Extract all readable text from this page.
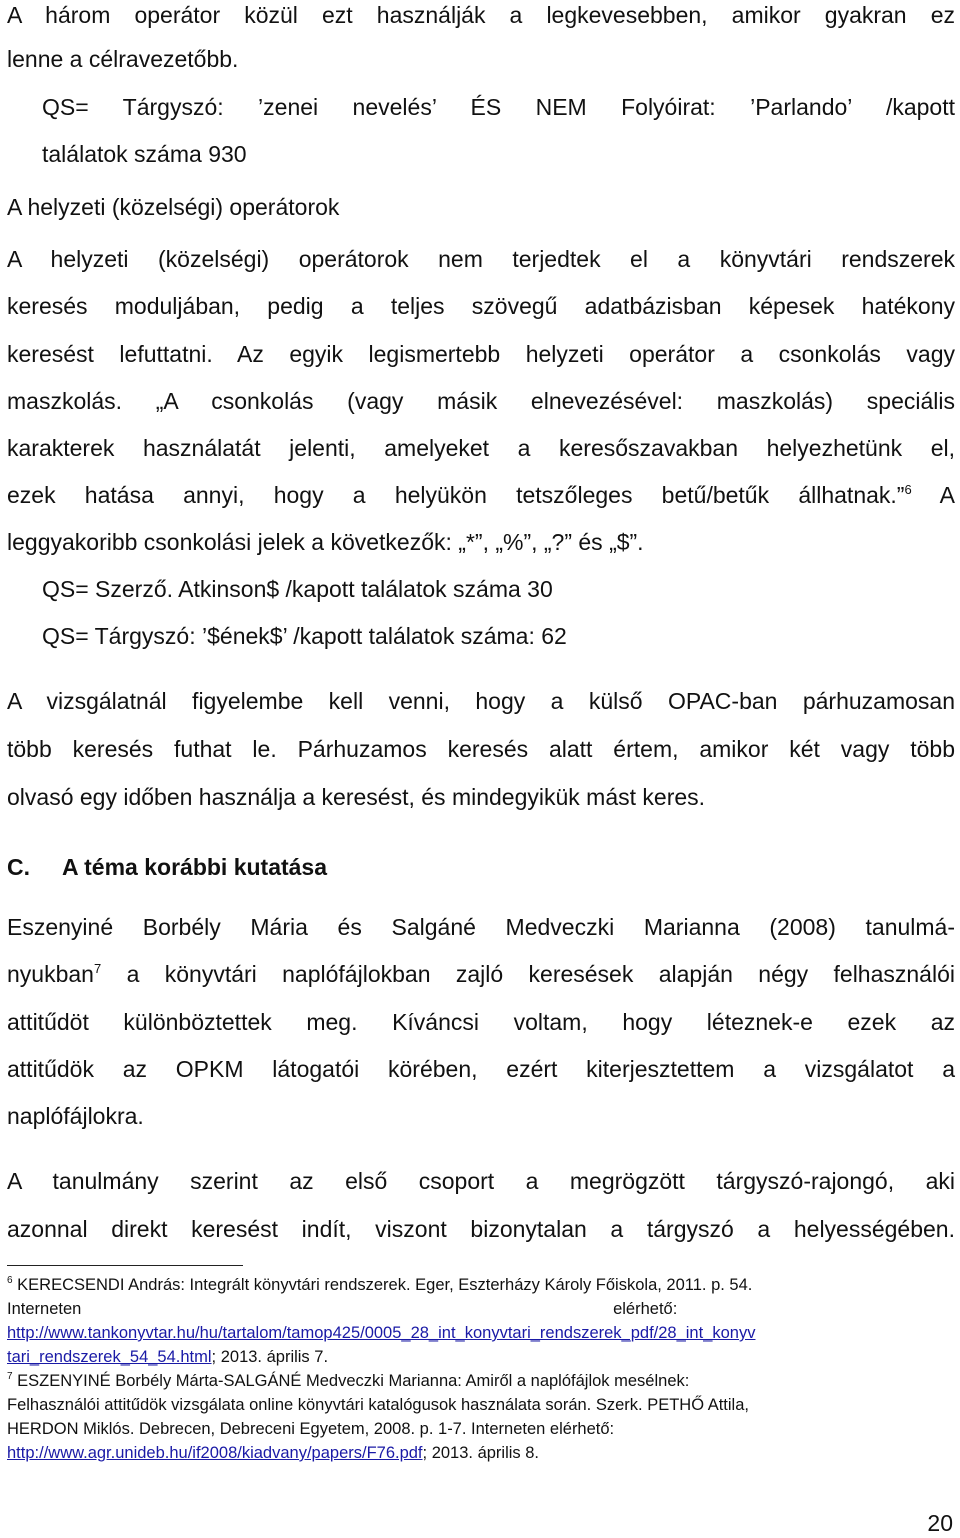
A három operátor közül ezt használják a legkevesebben, amikor gyakran ez

lenne a célravezetőbb.

QS= Tárgyszó: ’zenei nevelés’ ÉS NEM Folyóirat: ’Parlando’ /kapott

találatok száma 930

A helyzeti (közelségi) operátorok

A helyzeti (közelségi) operátorok nem terjedtek el a könyvtári rendszerek

keresés moduljában, pedig a teljes szövegű adatbázisban képesek hatékony

keresést lefuttatni. Az egyik legismertebb helyzeti operátor a csonkolás vagy

maszkolás. „A csonkolás (vagy másik elnevezésével: maszkolás) speciális

karakterek használatát jelenti, amelyeket a keresőszavakban helyezhetünk el,

ezek hatása annyi, hogy a helyükön tetszőleges betű/betűk állhatnak.”$^6$ A

leggyakoribb csonkolási jelek a következők: „*”, „%”, „?” és „$”.

QS= Szerző. Atkinson$ /kapott találatok száma 30

QS= Tárgyszó: ’$ének$’ /kapott találatok száma: 62

A vizsgálatnál figyelembe kell venni, hogy a külső OPAC-ban párhuzamosan

több keresés futhat le. Párhuzamos keresés alatt értem, amikor két vagy több

olvasó egy időben használja a keresést, és mindegyikük mást keres.

C. A téma korábbi kutatása

Eszenyiné Borbély Mária és Salgáné Medveczki Marianna (2008) tanulmá-

nyukban$^7$ a könyvtári naplófájlokban zajló keresések alapján négy felhasználói

attitűdöt különböztettek meg. Kíváncsi voltam, hogy léteznek-e ezek az

attitűdök az OPKM látogatói körében, ezért kiterjesztettem a vizsgálatot a

naplófájlokra.

A tanulmány szerint az első csoport a megrögzött tárgyszó-rajongó, aki

azonnal direkt keresést indít, viszont bizonytalan a tárgyszó a helyességében.

$^6$ KERECSENDI András: Integrált könyvtári rendszerek. Eger, Eszterházy Károly Főiskola, 2011. p. 54.

Interneten                                                                                                                    elérhető:

http://www.tankonyvtar.hu/hu/tartalom/tamop425/0005_28_int_konyvtari_rendszerek_pdf/28_int_konyv

tari_rendszerek_54_54.html; 2013. április 7.

$^7$ ESZENYINÉ Borbély Márta-SALGÁNÉ Medveczki Marianna: Amiről a naplófájlok mesélnek:

Felhasználói attitűdök vizsgálata online könyvtári katalógusok használata során. Szerk. PETHŐ Attila,

HERDON Miklós. Debrecen, Debreceni Egyetem, 2008. p. 1-7. Interneten elérhető:

http://www.agr.unideb.hu/if2008/kiadvany/papers/F76.pdf; 2013. április 8.

20
